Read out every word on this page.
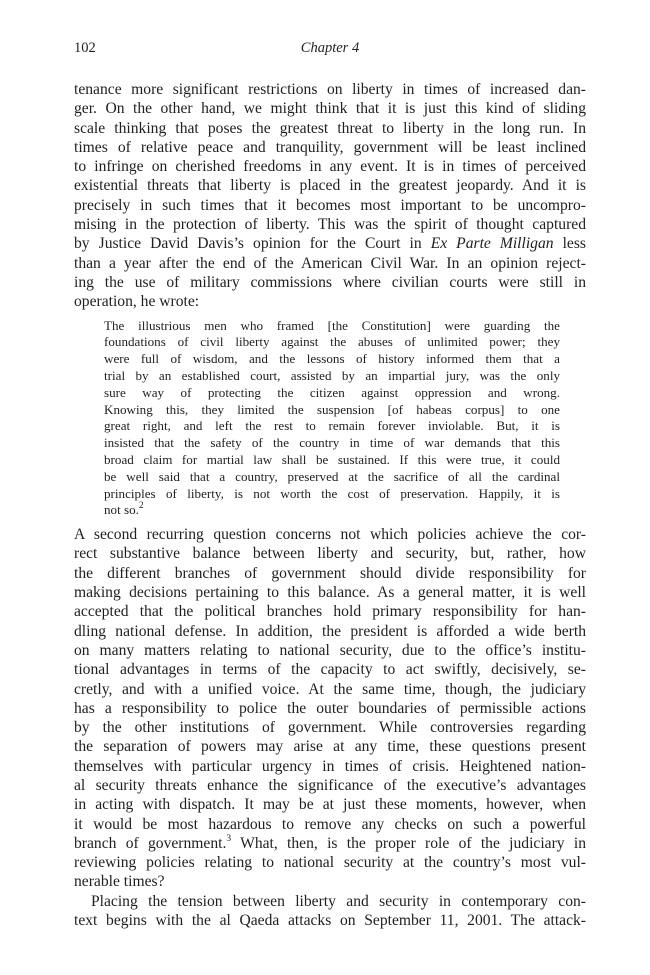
102	Chapter 4
tenance more significant restrictions on liberty in times of increased dan-
ger. On the other hand, we might think that it is just this kind of sliding
scale thinking that poses the greatest threat to liberty in the long run. In
times of relative peace and tranquility, government will be least inclined
to infringe on cherished freedoms in any event. It is in times of perceived
existential threats that liberty is placed in the greatest jeopardy. And it is
precisely in such times that it becomes most important to be uncompro-
mising in the protection of liberty. This was the spirit of thought captured
by Justice David Davis’s opinion for the Court in Ex Parte Milligan less
than a year after the end of the American Civil War. In an opinion reject-
ing the use of military commissions where civilian courts were still in
operation, he wrote:
The illustrious men who framed [the Constitution] were guarding the
foundations of civil liberty against the abuses of unlimited power; they
were full of wisdom, and the lessons of history informed them that a
trial by an established court, assisted by an impartial jury, was the only
sure way of protecting the citizen against oppression and wrong.
Knowing this, they limited the suspension [of habeas corpus] to one
great right, and left the rest to remain forever inviolable. But, it is
insisted that the safety of the country in time of war demands that this
broad claim for martial law shall be sustained. If this were true, it could
be well said that a country, preserved at the sacrifice of all the cardinal
principles of liberty, is not worth the cost of preservation. Happily, it is
not so.$^2$
A second recurring question concerns not which policies achieve the cor-
rect substantive balance between liberty and security, but, rather, how
the different branches of government should divide responsibility for
making decisions pertaining to this balance. As a general matter, it is well
accepted that the political branches hold primary responsibility for han-
dling national defense. In addition, the president is afforded a wide berth
on many matters relating to national security, due to the office’s institu-
tional advantages in terms of the capacity to act swiftly, decisively, se-
cretly, and with a unified voice. At the same time, though, the judiciary
has a responsibility to police the outer boundaries of permissible actions
by the other institutions of government. While controversies regarding
the separation of powers may arise at any time, these questions present
themselves with particular urgency in times of crisis. Heightened nation-
al security threats enhance the significance of the executive’s advantages
in acting with dispatch. It may be at just these moments, however, when
it would be most hazardous to remove any checks on such a powerful
branch of government.$^3$ What, then, is the proper role of the judiciary in
reviewing policies relating to national security at the country’s most vul-
nerable times?
Placing the tension between liberty and security in contemporary con-
text begins with the al Qaeda attacks on September 11, 2001. The attack-
